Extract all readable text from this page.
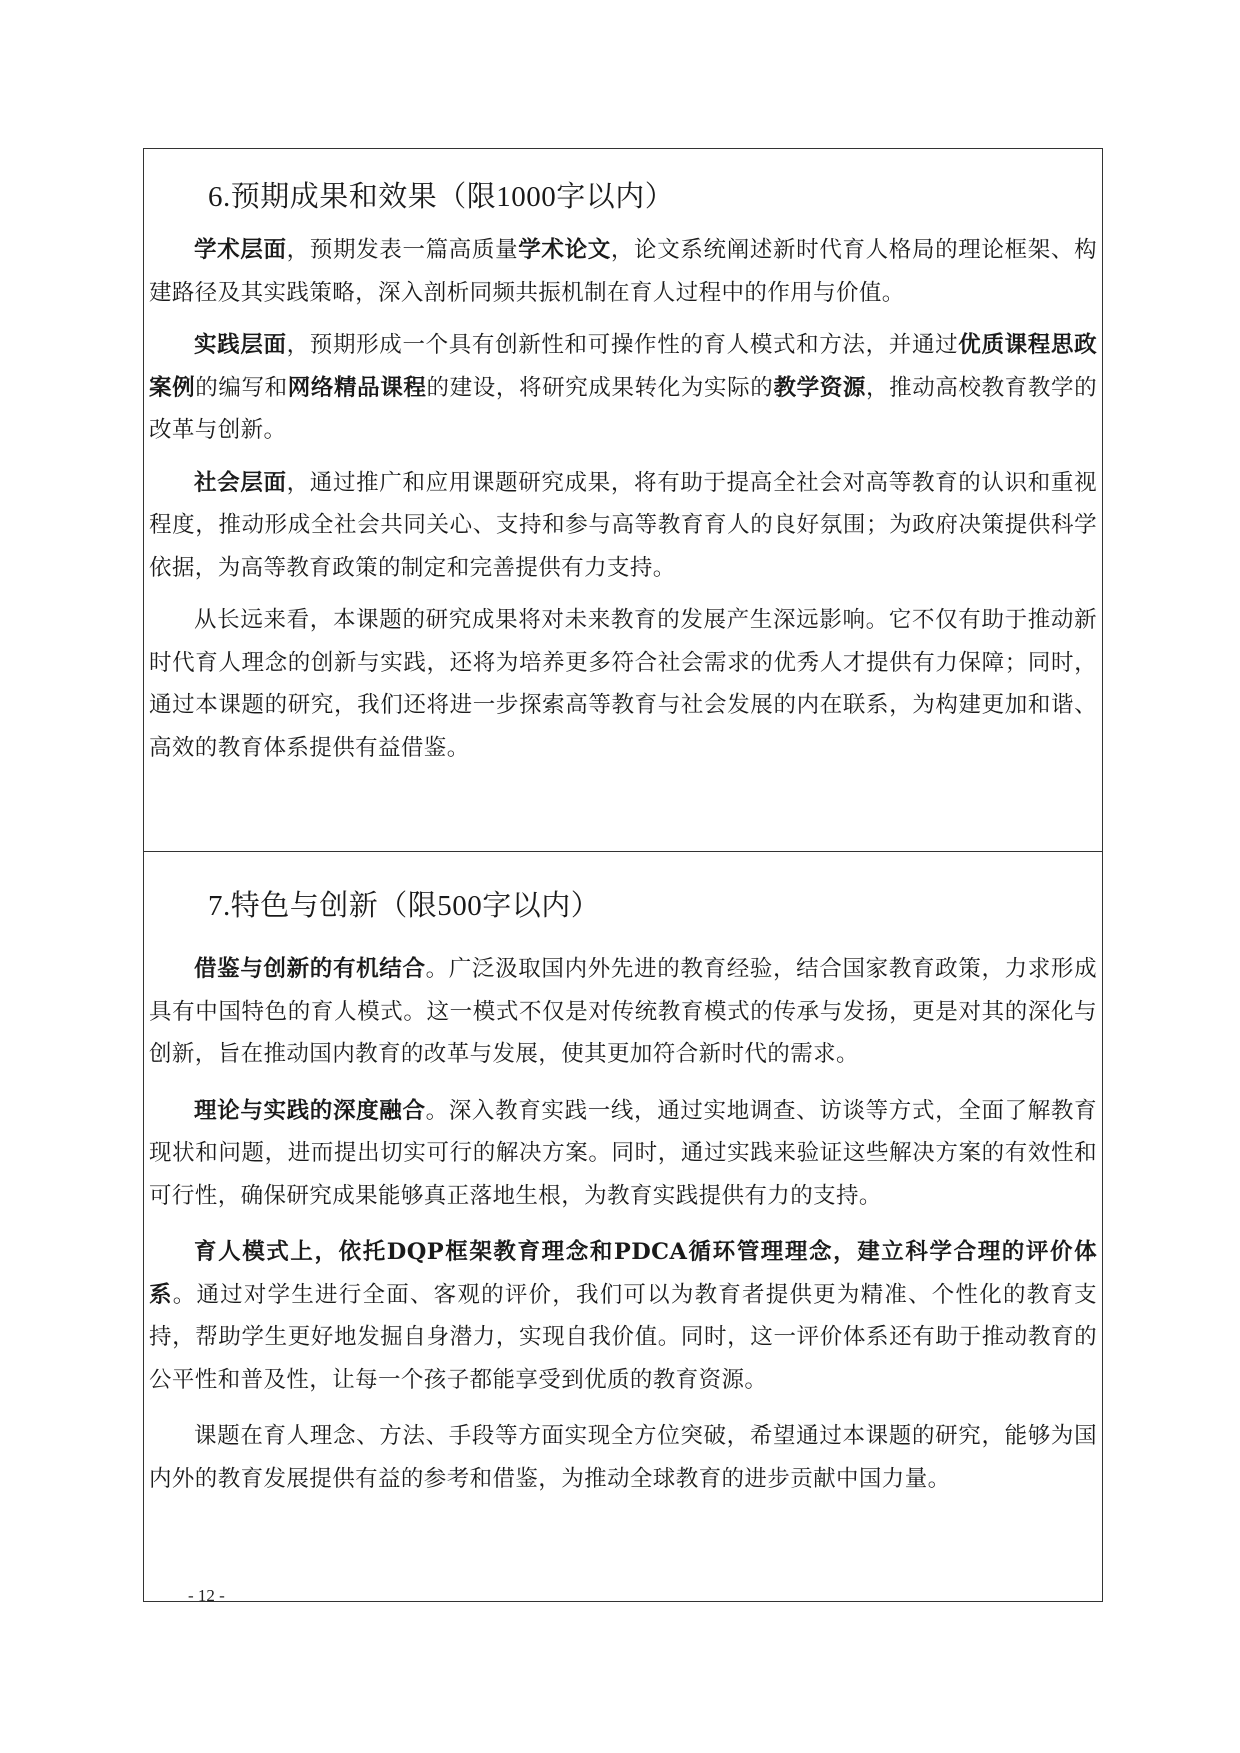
6.预期成果和效果（限1000字以内）

学术层面，预期发表一篇高质量学术论文，论文系统阐述新时代育人格局的理论框架、构建路径及其实践策略，深入剖析同频共振机制在育人过程中的作用与价值。

实践层面，预期形成一个具有创新性和可操作性的育人模式和方法，并通过优质课程思政案例的编写和网络精品课程的建设，将研究成果转化为实际的教学资源，推动高校教育教学的改革与创新。

社会层面，通过推广和应用课题研究成果，将有助于提高全社会对高等教育的认识和重视程度，推动形成全社会共同关心、支持和参与高等教育育人的良好氛围；为政府决策提供科学依据，为高等教育政策的制定和完善提供有力支持。

从长远来看，本课题的研究成果将对未来教育的发展产生深远影响。它不仅有助于推动新时代育人理念的创新与实践，还将为培养更多符合社会需求的优秀人才提供有力保障；同时，通过本课题的研究，我们还将进一步探索高等教育与社会发展的内在联系，为构建更加和谐、高效的教育体系提供有益借鉴。

7.特色与创新（限500字以内）

借鉴与创新的有机结合。广泛汲取国内外先进的教育经验，结合国家教育政策，力求形成具有中国特色的育人模式。这一模式不仅是对传统教育模式的传承与发扬，更是对其的深化与创新，旨在推动国内教育的改革与发展，使其更加符合新时代的需求。

理论与实践的深度融合。深入教育实践一线，通过实地调查、访谈等方式，全面了解教育现状和问题，进而提出切实可行的解决方案。同时，通过实践来验证这些解决方案的有效性和可行性，确保研究成果能够真正落地生根，为教育实践提供有力的支持。

育人模式上，依托DQP框架教育理念和PDCA循环管理理念，建立科学合理的评价体系。通过对学生进行全面、客观的评价，我们可以为教育者提供更为精准、个性化的教育支持，帮助学生更好地发掘自身潜力，实现自我价值。同时，这一评价体系还有助于推动教育的公平性和普及性，让每一个孩子都能享受到优质的教育资源。

课题在育人理念、方法、手段等方面实现全方位突破，希望通过本课题的研究，能够为国内外的教育发展提供有益的参考和借鉴，为推动全球教育的进步贡献中国力量。

- 12 -
